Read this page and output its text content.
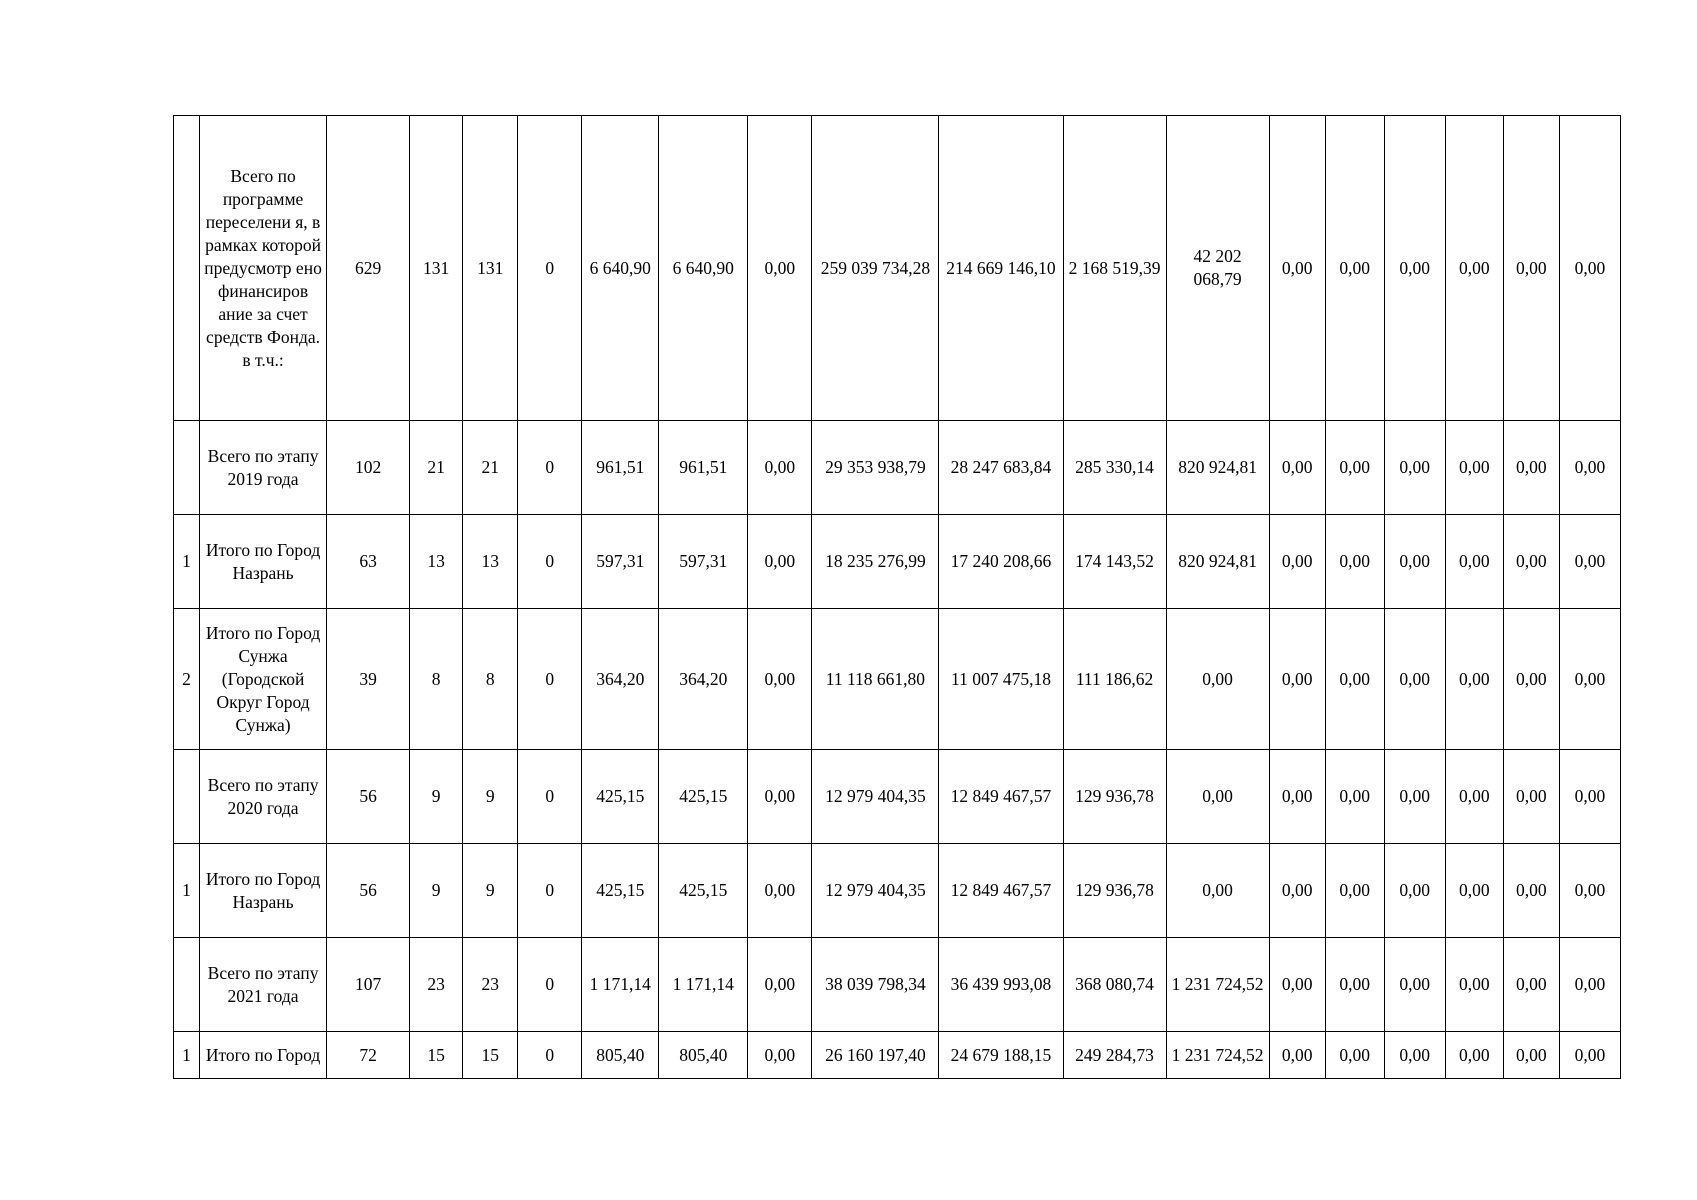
	Всего по программе переселени я, в рамках которой предусмотр ено финансиров ание за счет средств Фонда. в т.ч.:	629	131	131	0	6 640,90	6 640,90	0,00	259 039 734,28	214 669 146,10	2 168 519,39	42 202 068,79	0,00	0,00	0,00	0,00	0,00	0,00
	Всего по этапу 2019 года	102	21	21	0	961,51	961,51	0,00	29 353 938,79	28 247 683,84	285 330,14	820 924,81	0,00	0,00	0,00	0,00	0,00	0,00
1	Итого по Город Назрань	63	13	13	0	597,31	597,31	0,00	18 235 276,99	17 240 208,66	174 143,52	820 924,81	0,00	0,00	0,00	0,00	0,00	0,00
2	Итого по Город Сунжа (Городской Округ Город Сунжа)	39	8	8	0	364,20	364,20	0,00	11 118 661,80	11 007 475,18	111 186,62	0,00	0,00	0,00	0,00	0,00	0,00	0,00
	Всего по этапу 2020 года	56	9	9	0	425,15	425,15	0,00	12 979 404,35	12 849 467,57	129 936,78	0,00	0,00	0,00	0,00	0,00	0,00	0,00
1	Итого по Город Назрань	56	9	9	0	425,15	425,15	0,00	12 979 404,35	12 849 467,57	129 936,78	0,00	0,00	0,00	0,00	0,00	0,00	0,00
	Всего по этапу 2021 года	107	23	23	0	1 171,14	1 171,14	0,00	38 039 798,34	36 439 993,08	368 080,74	1 231 724,52	0,00	0,00	0,00	0,00	0,00	0,00
1	Итого по Город	72	15	15	0	805,40	805,40	0,00	26 160 197,40	24 679 188,15	249 284,73	1 231 724,52	0,00	0,00	0,00	0,00	0,00	0,00
